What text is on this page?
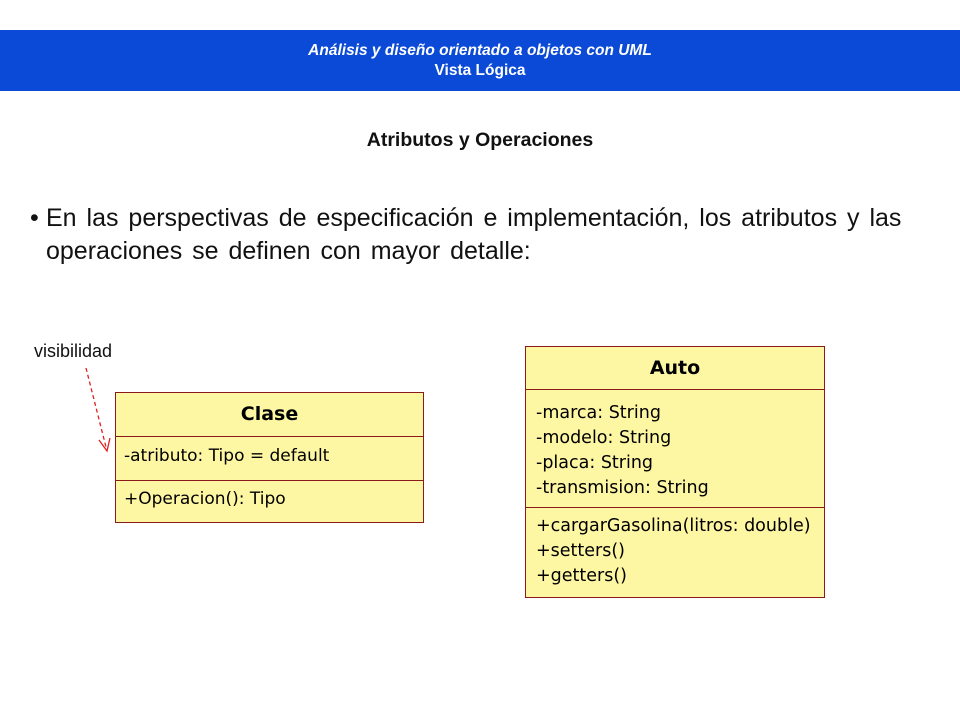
Análisis y diseño orientado a objetos con UML
Vista Lógica
Atributos y Operaciones
• En las perspectivas de especificación e implementación, los atributos y las operaciones se definen con mayor detalle:
visibilidad
Clase
-atributo: Tipo = default
+Operacion(): Tipo
Auto
-marca: String
-modelo: String
-placa: String
-transmision: String
+cargarGasolina(litros: double)
+setters()
+getters()
